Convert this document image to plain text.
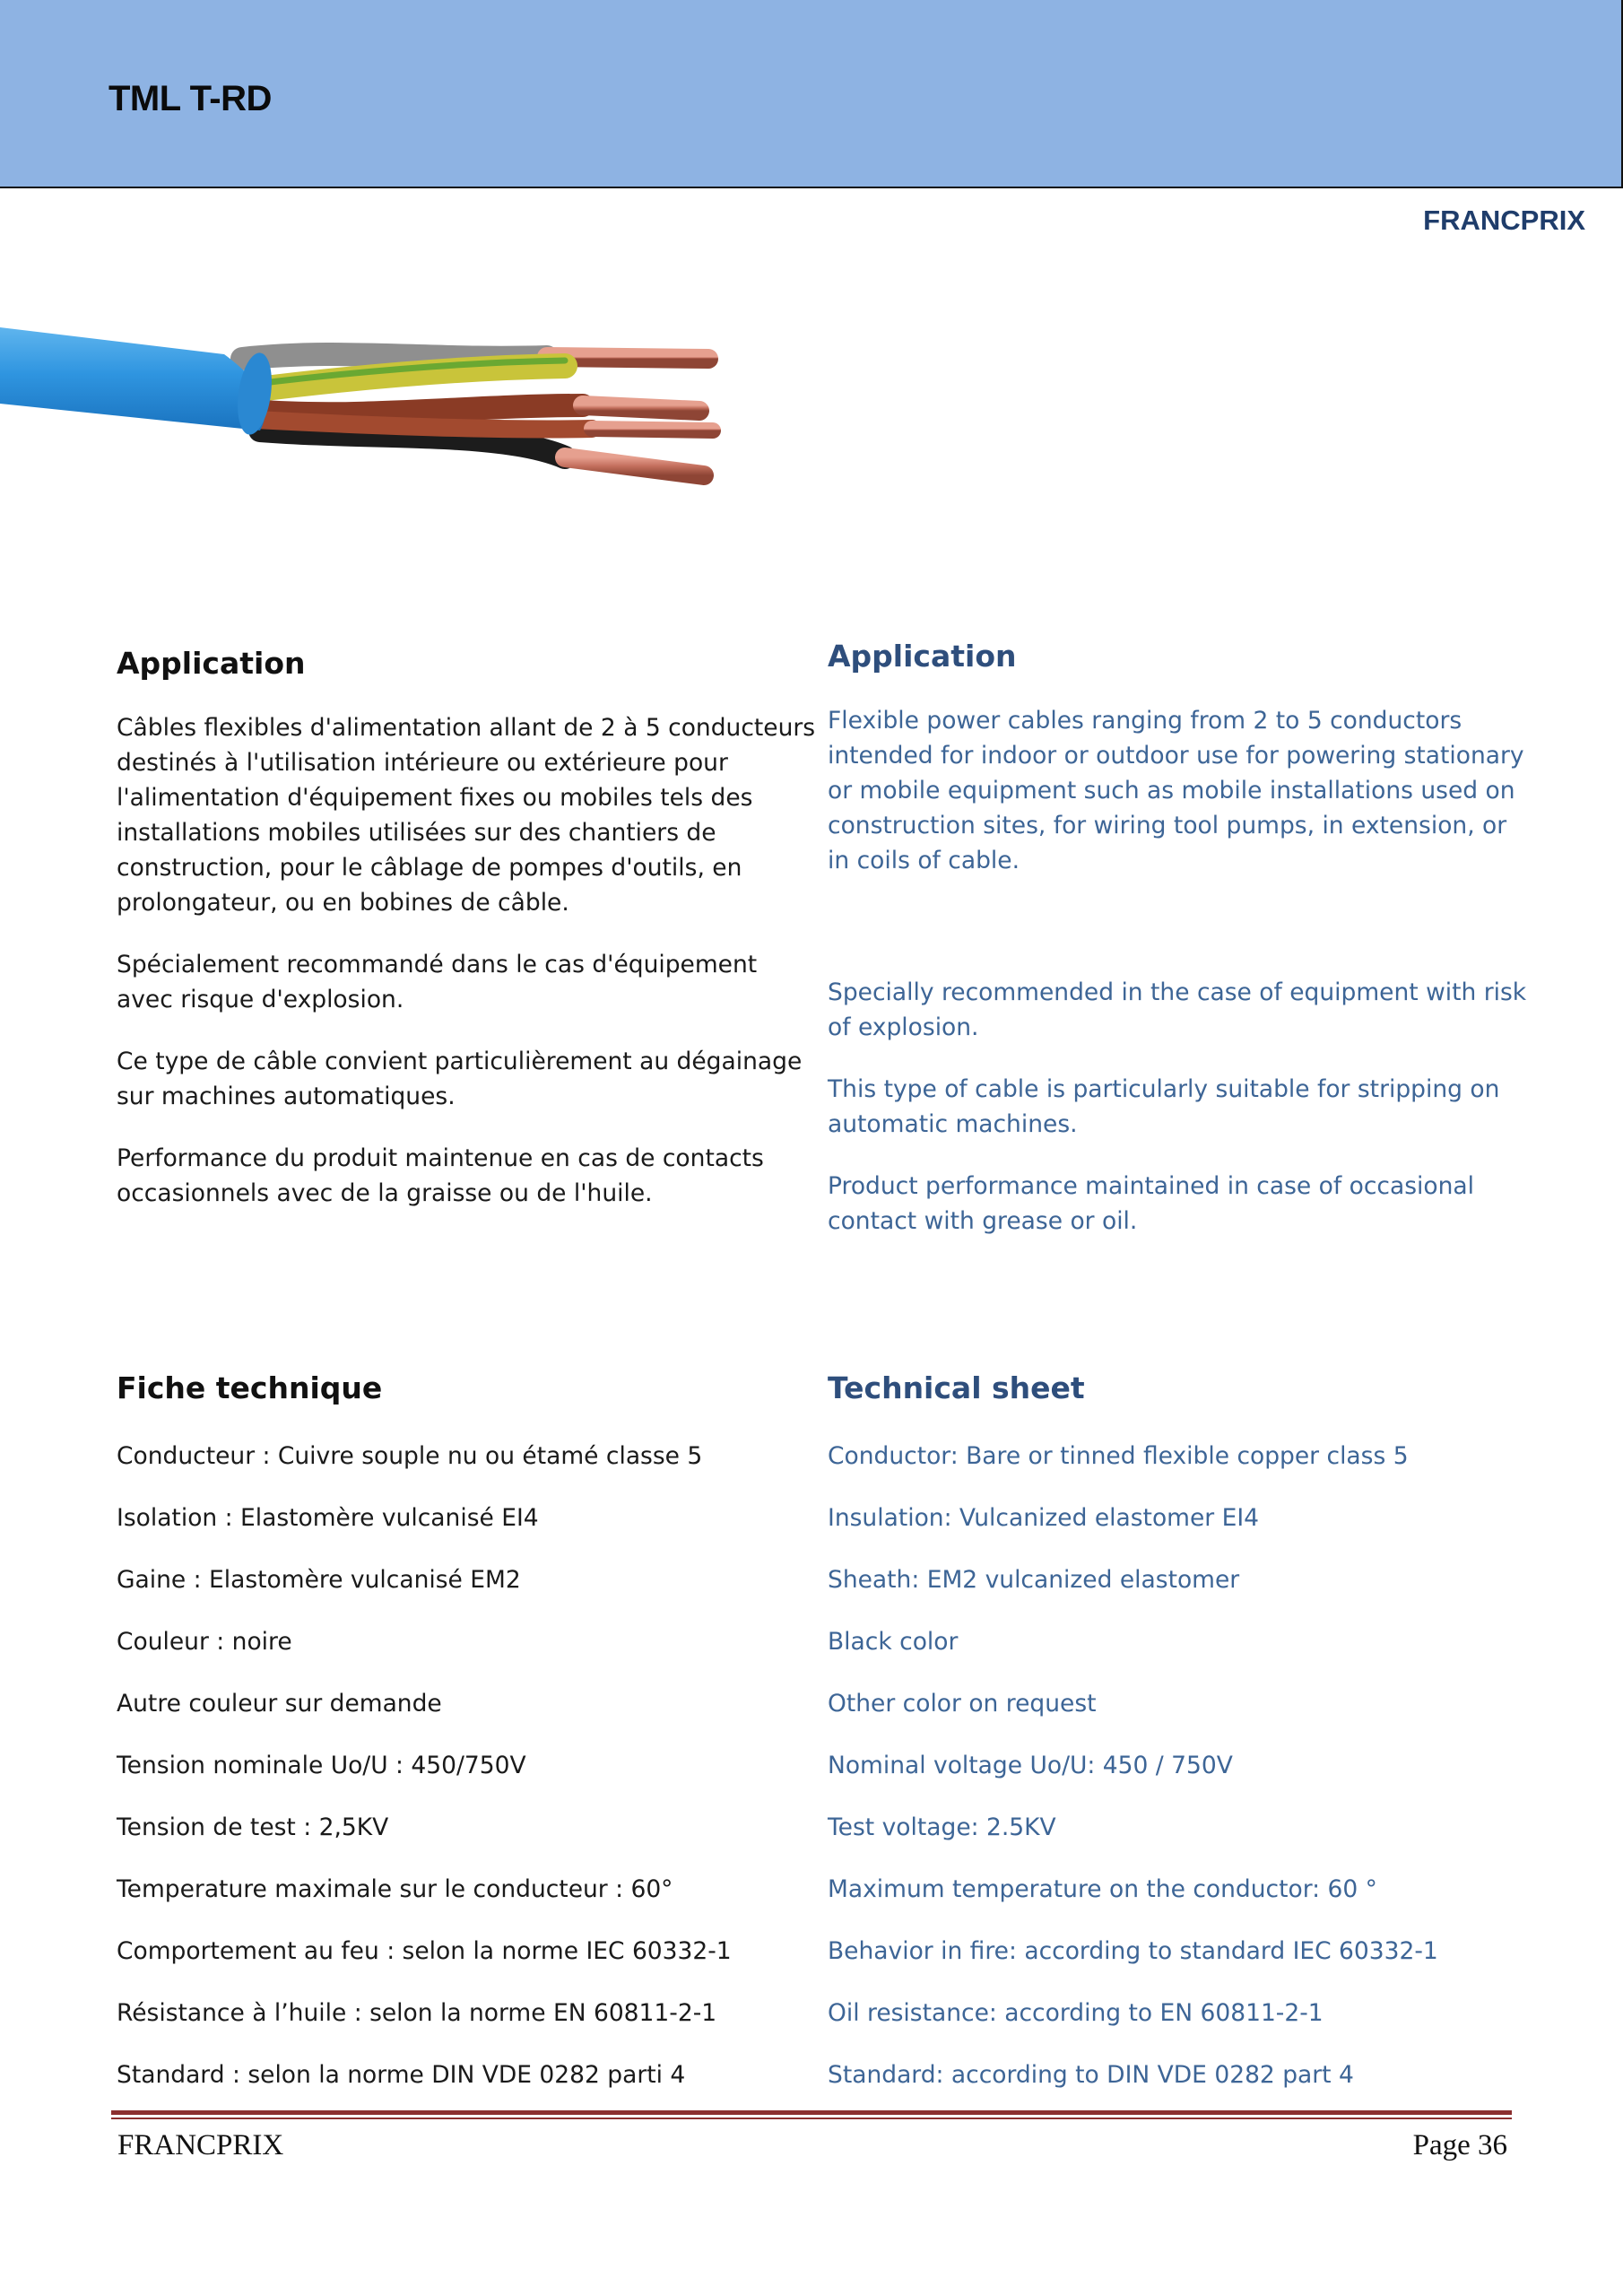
TML T-RD
FRANCPRIX
Application

Câbles flexibles d'alimentation allant de 2 à 5 conducteurs destinés à l'utilisation intérieure ou extérieure pour l'alimentation d'équipement fixes ou mobiles tels des installations mobiles utilisées sur des chantiers de construction, pour le câblage de pompes d'outils, en prolongateur, ou en bobines de câble.

Spécialement recommandé dans le cas d'équipement avec risque d'explosion.

Ce type de câble convient particulièrement au dégainage sur machines automatiques.

Performance du produit maintenue en cas de contacts occasionnels avec de la graisse ou de l'huile.

Application

Flexible power cables ranging from 2 to 5 conductors intended for indoor or outdoor use for powering stationary or mobile equipment such as mobile installations used on construction sites, for wiring tool pumps, in extension, or in coils of cable.

Specially recommended in the case of equipment with risk of explosion.

This type of cable is particularly suitable for stripping on automatic machines.

Product performance maintained in case of occasional contact with grease or oil.

Fiche technique	Technical sheet
Conducteur : Cuivre souple nu ou étamé classe 5
Isolation : Elastomère vulcanisé EI4
Gaine : Elastomère vulcanisé EM2
Couleur : noire
Autre couleur sur demande
Tension nominale Uo/U : 450/750V
Tension de test : 2,5KV
Temperature maximale sur le conducteur : 60°
Comportement au feu : selon la norme IEC 60332-1
Résistance à l’huile : selon la norme EN 60811-2-1
Standard : selon la norme DIN VDE 0282 parti 4
Conductor: Bare or tinned flexible copper class 5
Insulation: Vulcanized elastomer EI4
Sheath: EM2 vulcanized elastomer
Black color
Other color on request
Nominal voltage Uo/U: 450 / 750V
Test voltage: 2.5KV
Maximum temperature on the conductor: 60 °
Behavior in fire: according to standard IEC 60332-1
Oil resistance: according to EN 60811-2-1
Standard: according to DIN VDE 0282 part 4
FRANCPRIX	Page 36
